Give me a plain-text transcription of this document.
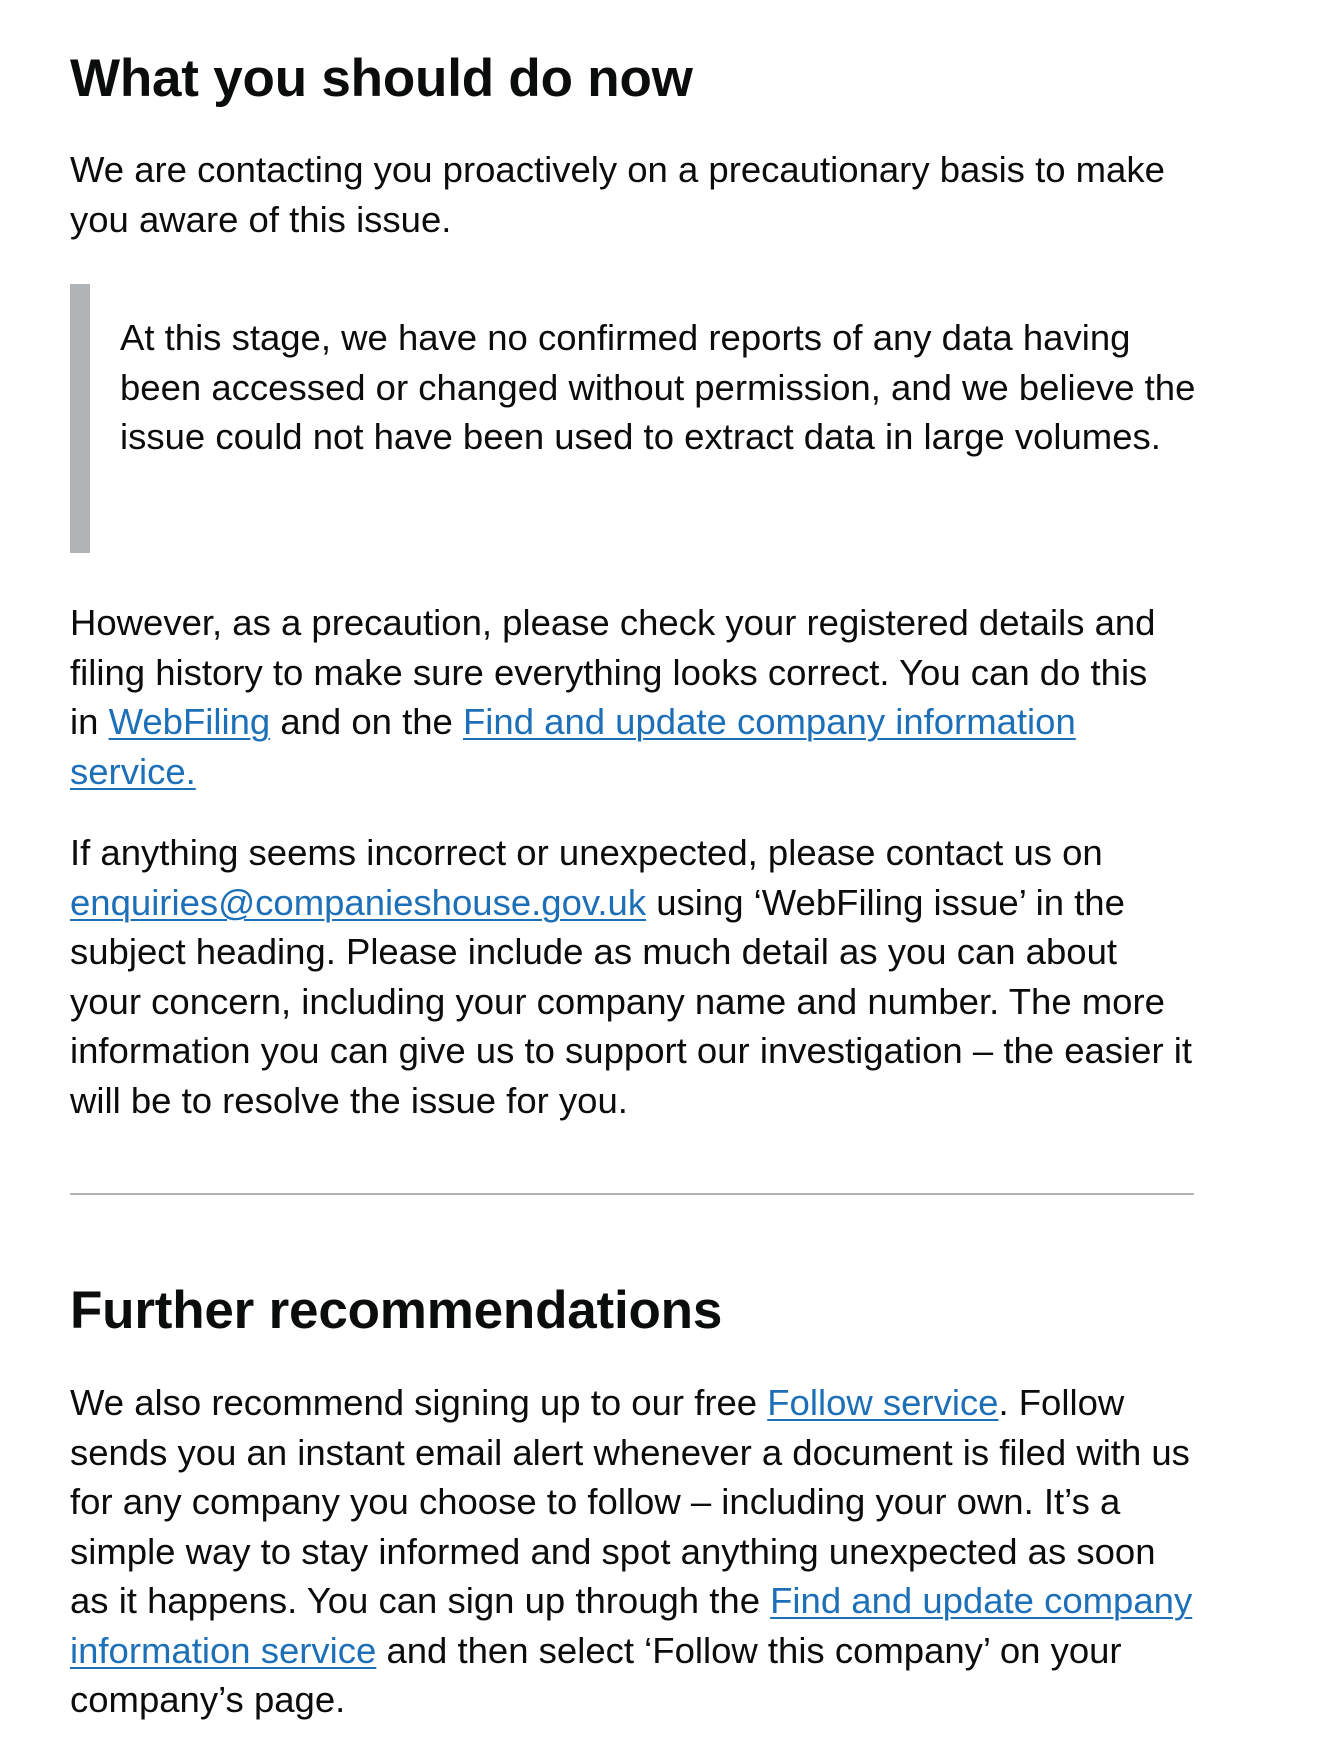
What you should do now

We are contacting you proactively on a precautionary basis to make you aware of this issue.

At this stage, we have no confirmed reports of any data having been accessed or changed without permission, and we believe the issue could not have been used to extract data in large volumes.

However, as a precaution, please check your registered details and filing history to make sure everything looks correct. You can do this in WebFiling and on the Find and update company information service.

If anything seems incorrect or unexpected, please contact us on enquiries@companieshouse.gov.uk using ‘WebFiling issue’ in the subject heading. Please include as much detail as you can about your concern, including your company name and number. The more information you can give us to support our investigation – the easier it will be to resolve the issue for you.

Further recommendations

We also recommend signing up to our free Follow service. Follow sends you an instant email alert whenever a document is filed with us for any company you choose to follow – including your own. It’s a simple way to stay informed and spot anything unexpected as soon as it happens. You can sign up through the Find and update company information service and then select ‘Follow this company’ on your company’s page.
